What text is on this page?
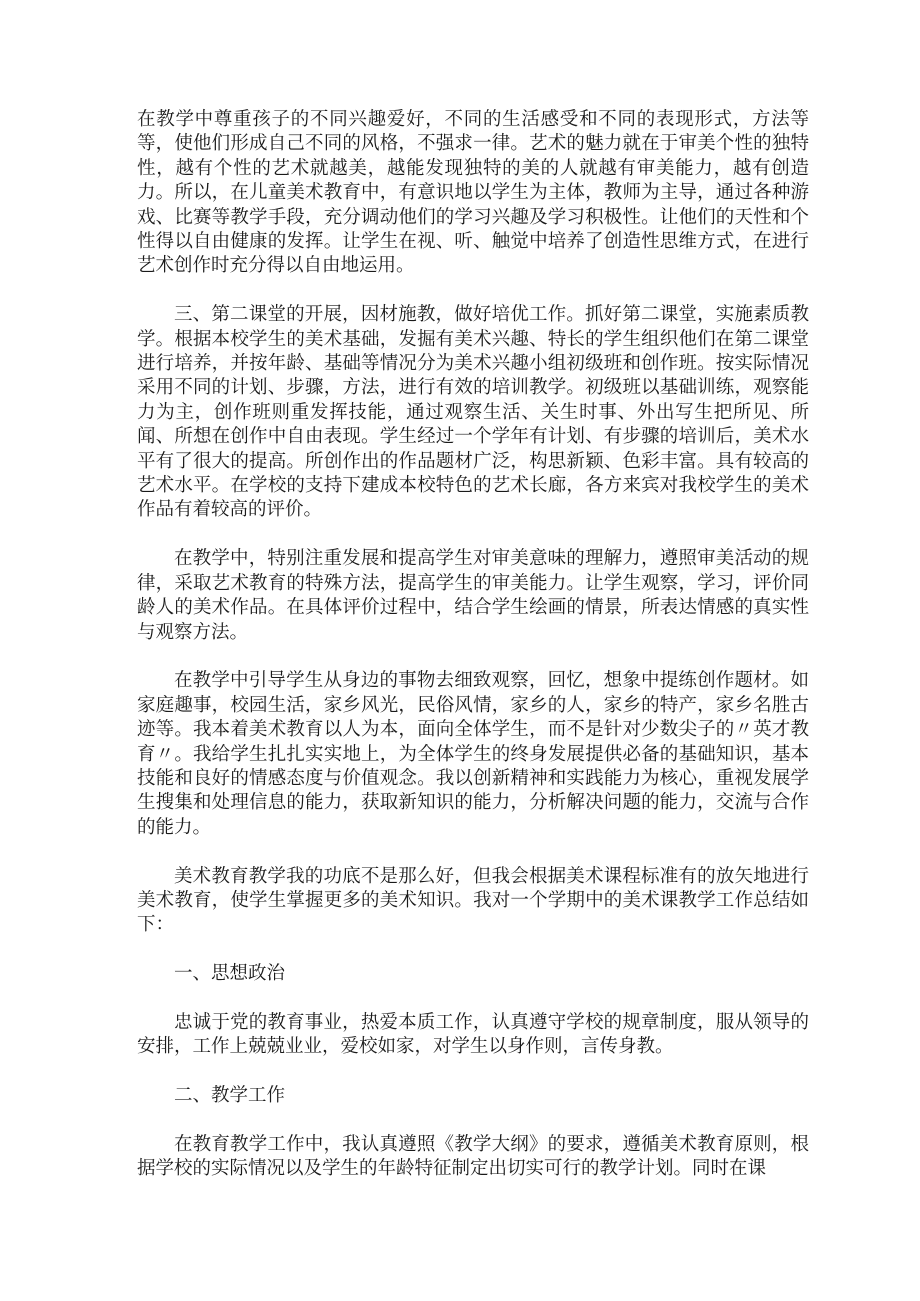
在教学中尊重孩子的不同兴趣爱好，不同的生活感受和不同的表现形式，方法等等，使他们形成自己不同的风格，不强求一律。艺术的魅力就在于审美个性的独特性，越有个性的艺术就越美，越能发现独特的美的人就越有审美能力，越有创造力。所以，在儿童美术教育中，有意识地以学生为主体，教师为主导，通过各种游戏、比赛等教学手段，充分调动他们的学习兴趣及学习积极性。让他们的天性和个性得以自由健康的发挥。让学生在视、听、触觉中培养了创造性思维方式，在进行艺术创作时充分得以自由地运用。

三、第二课堂的开展，因材施教，做好培优工作。抓好第二课堂，实施素质教学。根据本校学生的美术基础，发掘有美术兴趣、特长的学生组织他们在第二课堂进行培养，并按年龄、基础等情况分为美术兴趣小组初级班和创作班。按实际情况采用不同的计划、步骤，方法，进行有效的培训教学。初级班以基础训练，观察能力为主，创作班则重发挥技能，通过观察生活、关生时事、外出写生把所见、所闻、所想在创作中自由表现。学生经过一个学年有计划、有步骤的培训后，美术水平有了很大的提高。所创作出的作品题材广泛，构思新颖、色彩丰富。具有较高的艺术水平。在学校的支持下建成本校特色的艺术长廊，各方来宾对我校学生的美术作品有着较高的评价。

在教学中，特别注重发展和提高学生对审美意味的理解力，遵照审美活动的规律，采取艺术教育的特殊方法，提高学生的审美能力。让学生观察，学习，评价同龄人的美术作品。在具体评价过程中，结合学生绘画的情景，所表达情感的真实性与观察方法。

在教学中引导学生从身边的事物去细致观察，回忆，想象中提练创作题材。如家庭趣事，校园生活，家乡风光，民俗风情，家乡的人，家乡的特产，家乡名胜古迹等。我本着美术教育以人为本，面向全体学生，而不是针对少数尖子的〃英才教育〃。我给学生扎扎实实地上，为全体学生的终身发展提供必备的基础知识，基本技能和良好的情感态度与价值观念。我以创新精神和实践能力为核心，重视发展学生搜集和处理信息的能力，获取新知识的能力，分析解决问题的能力，交流与合作的能力。

美术教育教学我的功底不是那么好，但我会根据美术课程标准有的放矢地进行美术教育，使学生掌握更多的美术知识。我对一个学期中的美术课教学工作总结如下：

一、思想政治

忠诚于党的教育事业，热爱本质工作，认真遵守学校的规章制度，服从领导的安排，工作上兢兢业业，爱校如家，对学生以身作则，言传身教。

二、教学工作

在教育教学工作中，我认真遵照《教学大纲》的要求，遵循美术教育原则，根据学校的实际情况以及学生的年龄特征制定出切实可行的教学计划。同时在课
